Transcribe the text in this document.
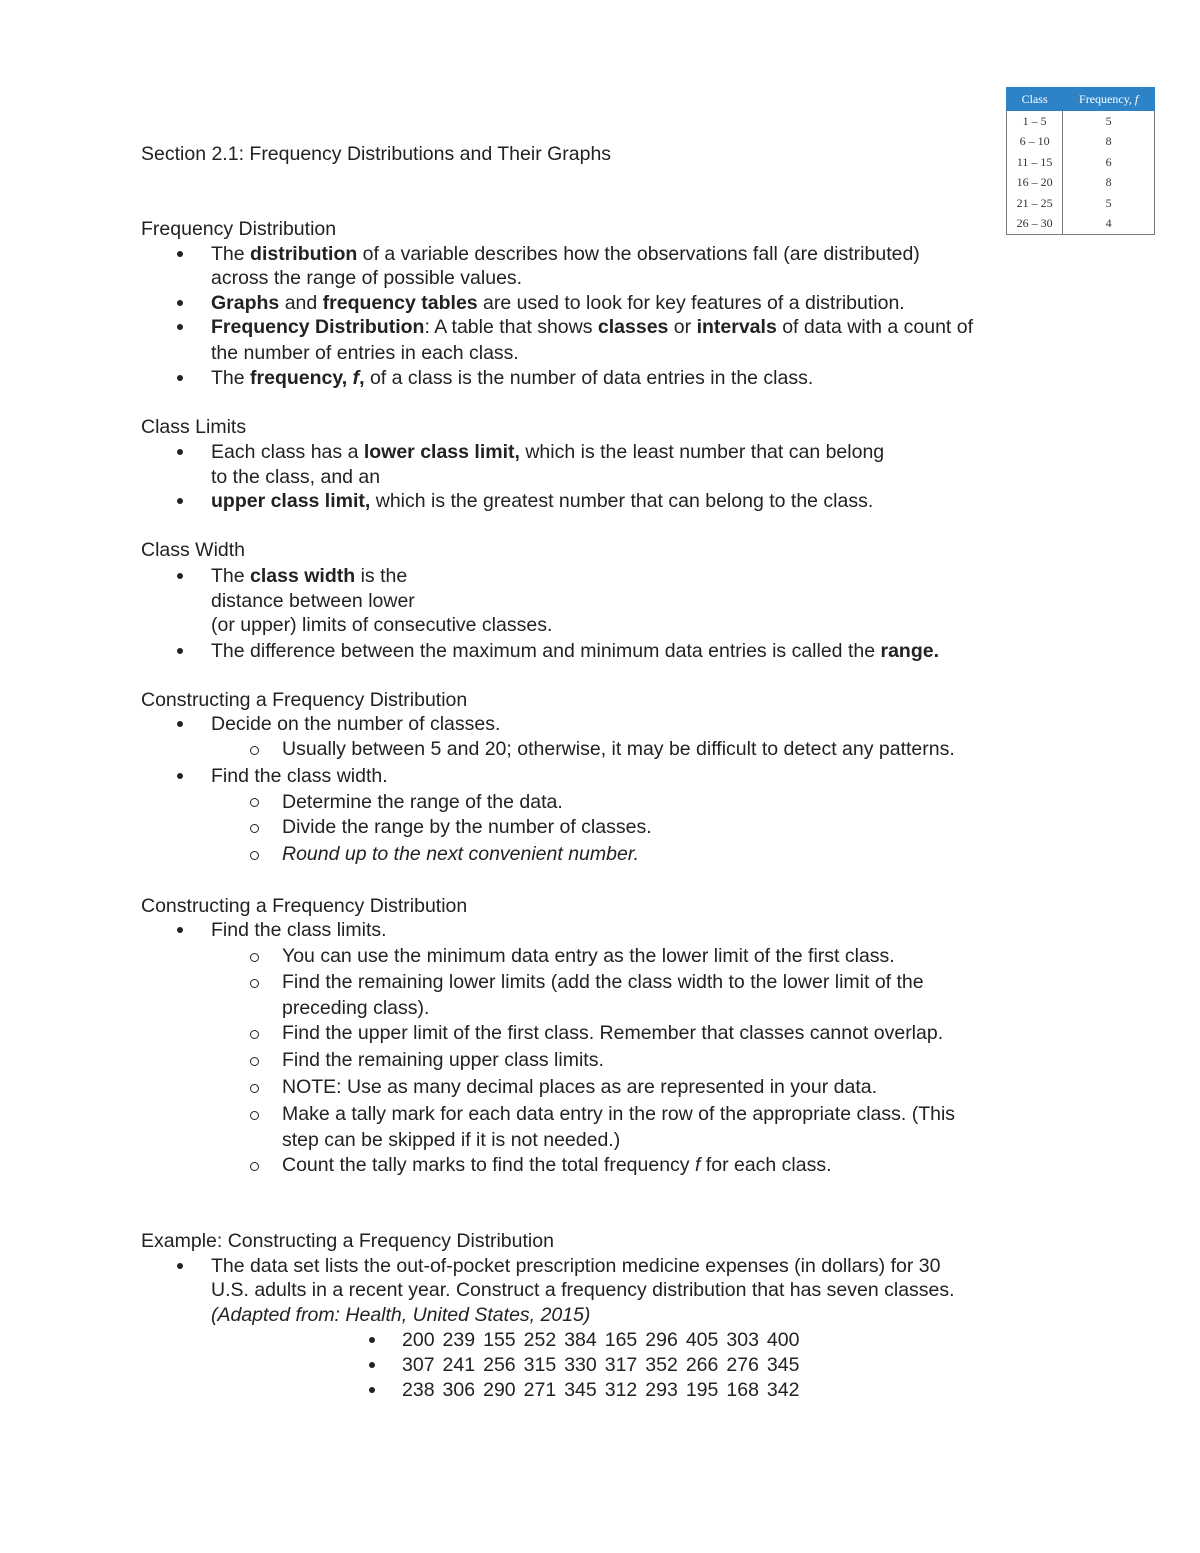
Class	Frequency, f
1 – 5	5
6 – 10	8
11 – 15	6
16 – 20	8
21 – 25	5
26 – 30	4
Section 2.1: Frequency Distributions and Their Graphs
Frequency Distribution
The distribution of a variable describes how the observations fall (are distributed)
across the range of possible values.
Graphs and frequency tables are used to look for key features of a distribution.
Frequency Distribution: A table that shows classes or intervals of data with a count of
the number of entries in each class.
The frequency, f, of a class is the number of data entries in the class.
Class Limits
Each class has a lower class limit, which is the least number that can belong
to the class, and an
upper class limit, which is the greatest number that can belong to the class.
Class Width
The class width is the
distance between lower
(or upper) limits of consecutive classes.
The difference between the maximum and minimum data entries is called the range.
Constructing a Frequency Distribution
Decide on the number of classes.
Usually between 5 and 20; otherwise, it may be difficult to detect any patterns.
Find the class width.
Determine the range of the data.
Divide the range by the number of classes.
Round up to the next convenient number.
Constructing a Frequency Distribution
Find the class limits.
You can use the minimum data entry as the lower limit of the first class.
Find the remaining lower limits (add the class width to the lower limit of the
preceding class).
Find the upper limit of the first class. Remember that classes cannot overlap.
Find the remaining upper class limits.
NOTE: Use as many decimal places as are represented in your data.
Make a tally mark for each data entry in the row of the appropriate class. (This
step can be skipped if it is not needed.)
Count the tally marks to find the total frequency f for each class.
Example: Constructing a Frequency Distribution
The data set lists the out-of-pocket prescription medicine expenses (in dollars) for 30
U.S. adults in a recent year. Construct a frequency distribution that has seven classes.
(Adapted from: Health, United States, 2015)
200 239 155 252 384 165 296 405 303 400
307 241 256 315 330 317 352 266 276 345
238 306 290 271 345 312 293 195 168 342
